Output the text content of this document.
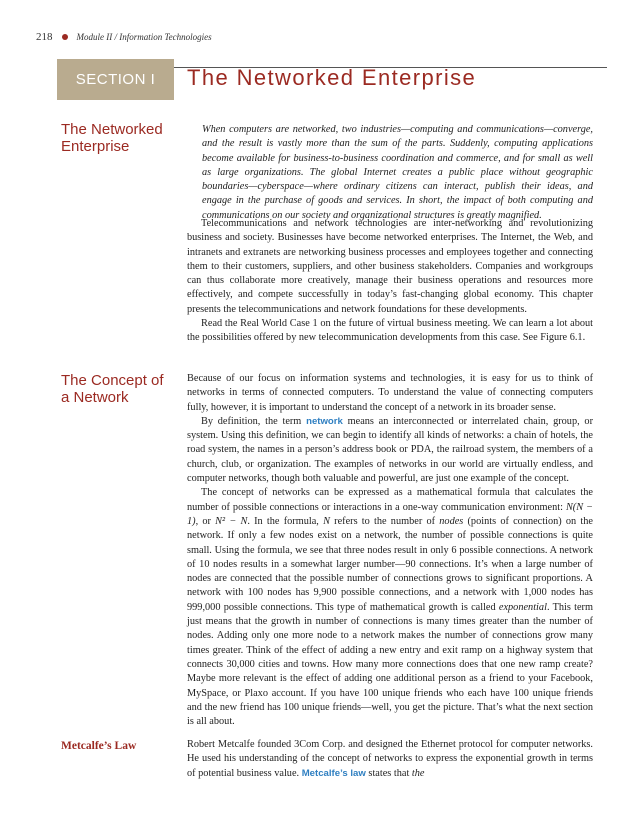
218	Module II / Information Technologies
SECTION I	The Networked Enterprise
The Networked Enterprise
The Concept of a Network
Metcalfe’s Law

When computers are networked, two industries—computing and communications—converge, and the result is vastly more than the sum of the parts. Suddenly, computing applications become available for business-to-business coordination and commerce, and for small as well as large organizations. The global Internet creates a public place without geographic boundaries—cyberspace—where ordinary citizens can interact, publish their ideas, and engage in the purchase of goods and services. In short, the impact of both computing and communications on our society and organizational structures is greatly magnified.

Telecommunications and network technologies are inter-networking and revolutionizing business and society. Businesses have become networked enterprises. The Internet, the Web, and intranets and extranets are networking business processes and employees together and connecting them to their customers, suppliers, and other business stakeholders. Companies and workgroups can thus collaborate more creatively, manage their business operations and resources more effectively, and compete successfully in today’s fast-changing global economy. This chapter presents the telecommunications and network foundations for these developments.

Read the Real World Case 1 on the future of virtual business meeting. We can learn a lot about the possibilities offered by new telecommunication developments from this case. See Figure 6.1.

Because of our focus on information systems and technologies, it is easy for us to think of networks in terms of connected computers. To understand the value of connecting computers fully, however, it is important to understand the concept of a network in its broader sense.

By definition, the term network means an interconnected or interrelated chain, group, or system. Using this definition, we can begin to identify all kinds of networks: a chain of hotels, the road system, the names in a person’s address book or PDA, the railroad system, the members of a church, club, or organization. The examples of networks in our world are virtually endless, and computer networks, though both valuable and powerful, are just one example of the concept.

The concept of networks can be expressed as a mathematical formula that calculates the number of possible connections or interactions in a one-way communication environment: N(N − 1), or N² − N. In the formula, N refers to the number of nodes (points of connection) on the network. If only a few nodes exist on a network, the number of possible connections is quite small. Using the formula, we see that three nodes result in only 6 possible connections. A network of 10 nodes results in a somewhat larger number—90 connections. It’s when a large number of nodes are connected that the possible number of connections grows to significant proportions. A network with 100 nodes has 9,900 possible connections, and a network with 1,000 nodes has 999,000 possible connections. This type of mathematical growth is called exponential. This term just means that the growth in number of connections is many times greater than the number of nodes. Adding only one more node to a network makes the number of connections grow many times greater. Think of the effect of adding a new entry and exit ramp on a highway system that connects 30,000 cities and towns. How many more connections does that one new ramp create? Maybe more relevant is the effect of adding one additional person as a friend to your Facebook, MySpace, or Plaxo account. If you have 100 unique friends who each have 100 unique friends and the new friend has 100 unique friends—well, you get the picture. That’s what the next section is all about.

Robert Metcalfe founded 3Com Corp. and designed the Ethernet protocol for computer networks. He used his understanding of the concept of networks to express the exponential growth in terms of potential business value. Metcalfe’s law states that the
